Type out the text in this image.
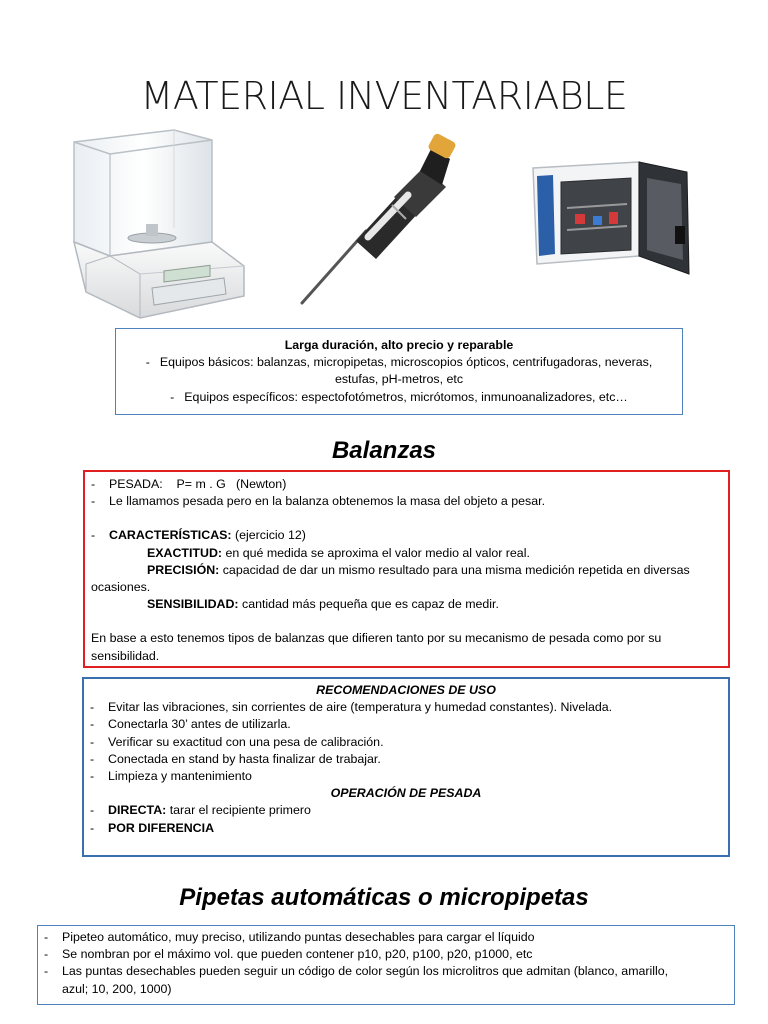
MATERIAL INVENTARIABLE
Larga duración, alto precio y reparable
- Equipos básicos: balanzas, micropipetas, microscopios ópticos, centrifugadoras, neveras,
estufas, pH-metros, etc
- Equipos específicos: espectofotómetros, micrótomos, inmunoanalizadores, etc…
Balanzas
- PESADA: P= m . G   (Newton)
- Le llamamos pesada pero en la balanza obtenemos la masa del objeto a pesar.
- CARACTERÍSTICAS: (ejercicio 12)
EXACTITUD: en qué medida se aproxima el valor medio al valor real.
PRECISIÓN: capacidad de dar un mismo resultado para una misma medición repetida en diversas
ocasiones.
SENSIBILIDAD: cantidad más pequeña que es capaz de medir.
En base a esto tenemos tipos de balanzas que difieren tanto por su mecanismo de pesada como por su
sensibilidad.
RECOMENDACIONES DE USO
- Evitar las vibraciones, sin corrientes de aire (temperatura y humedad constantes). Nivelada.
- Conectarla 30’ antes de utilizarla.
- Verificar su exactitud con una pesa de calibración.
- Conectada en stand by hasta finalizar de trabajar.
- Limpieza y mantenimiento
OPERACIÓN DE PESADA
- DIRECTA: tarar el recipiente primero
- POR DIFERENCIA
Pipetas automáticas o micropipetas
- Pipeteo automático, muy preciso, utilizando puntas desechables para cargar el líquido
- Se nombran por el máximo vol. que pueden contener p10, p20, p100, p20, p1000, etc
- Las puntas desechables pueden seguir un código de color según los microlitros que admitan (blanco, amarillo,
azul; 10, 200, 1000)
